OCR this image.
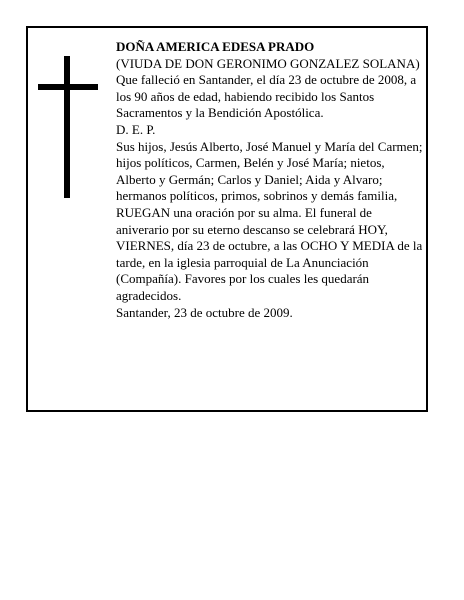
DOÑA AMERICA EDESA PRADO

(VIUDA DE DON GERONIMO GONZALEZ SOLANA)

Que falleció en Santander, el día 23 de octubre de 2008, a los 90 años de edad, habiendo recibido los Santos Sacramentos y la Bendición Apostólica.

D. E. P.

Sus hijos, Jesús Alberto, José Manuel y María del Carmen; hijos políticos, Carmen, Belén y José María; nietos, Alberto y Germán; Carlos y Daniel; Aida y Alvaro; hermanos políticos, primos, sobrinos y demás familia,

RUEGAN una oración por su alma. El funeral de aniverario por su eterno descanso se celebrará HOY, VIERNES, día 23 de octubre, a las OCHO Y MEDIA de la tarde, en la iglesia parroquial de La Anunciación (Compañía). Favores por los cuales les quedarán agradecidos.

Santander, 23 de octubre de 2009.
